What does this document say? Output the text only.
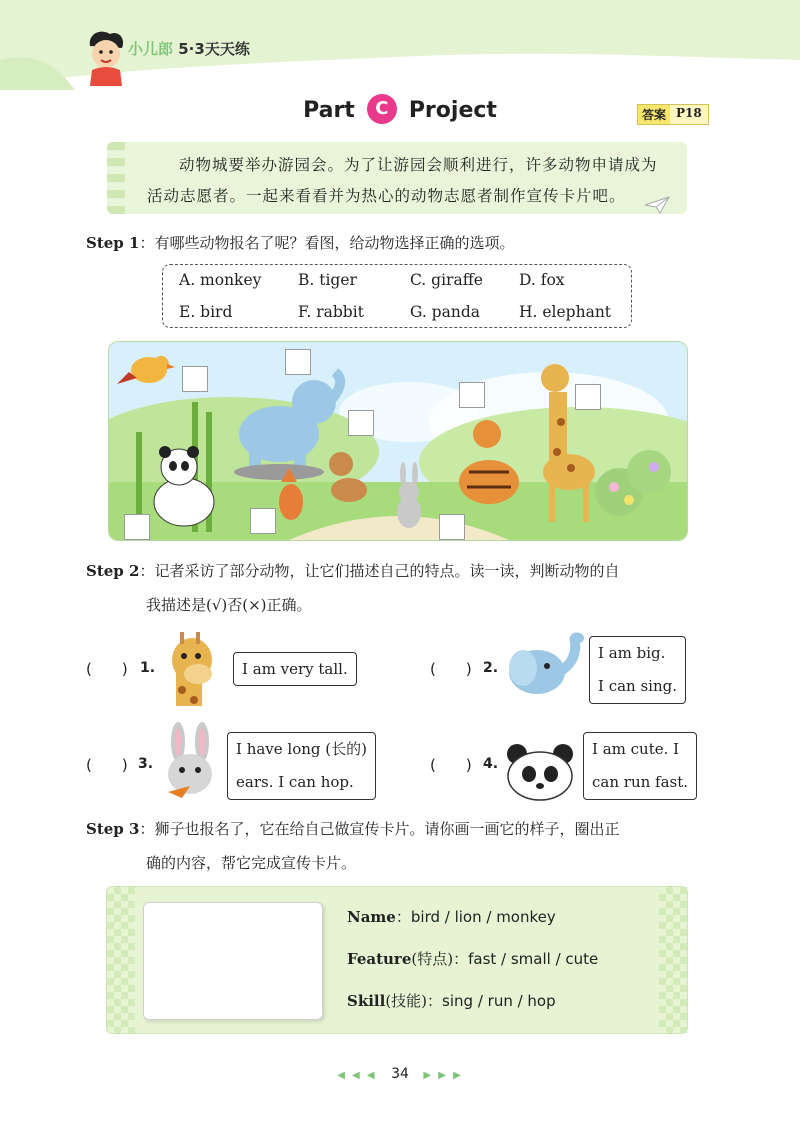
小儿郎 5·3天天练
Part C Project	答案 P18

动物城要举办游园会。为了让游园会顺利进行，许多动物申请成为
活动志愿者。一起来看看并为热心的动物志愿者制作宣传卡片吧。

Step 1：有哪些动物报名了呢？看图，给动物选择正确的选项。
A. monkey B. tiger	C. giraffe D. fox
E. bird	F. rabbit	G. panda	H. elephant
Step 2：记者采访了部分动物，让它们描述自己的特点。读一读，判断动物的自
我描述是(√)否(×)正确。
(　　) 1.	I am very tall.	(　　) 2.
I am big.
I can sing.
(　　) 3.
I have long (长的)
ears. I can hop.
(　　) 4.
I am cute. I
can run fast.
Step 3：狮子也报名了，它在给自己做宣传卡片。请你画一画它的样子，圈出正
确的内容，帮它完成宣传卡片。
Name：bird / lion / monkey
Feature(特点)：fast / small / cute
Skill(技能)：sing / run / hop
◀ ◀ ◀ 34 ▶ ▶ ▶
